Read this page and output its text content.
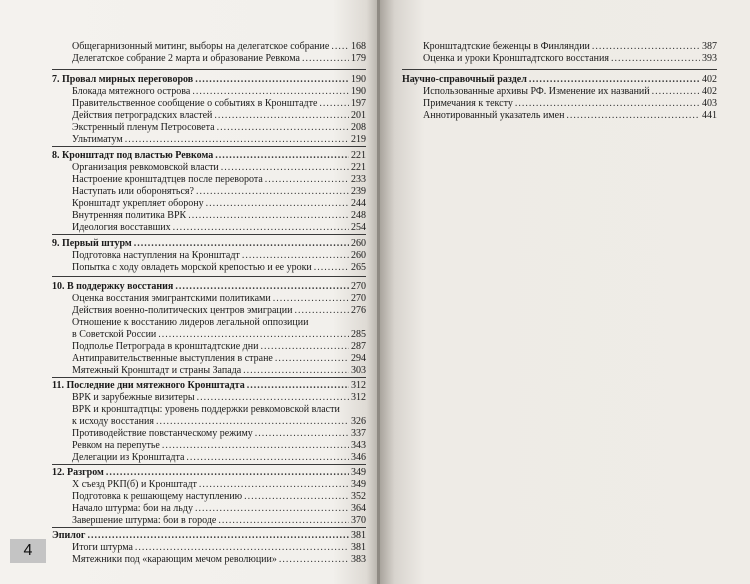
Общегарнизонный митинг, выборы на делегатское собрание ..... 168
Делегатское собрание 2 марта и образование Ревкома .....	179
7. Провал мирных переговоров .....	190
Блокада мятежного острова .....	190
Правительственное сообщение о событиях в Кронштадте .....	197
Действия петроградских властей .....	201
Экстренный пленум Петросовета .....	208
Ультиматум .....	219
8. Кронштадт под властью Ревкома .....	221
Организация ревкомовской власти .....	221
Настроение кронштадтцев после переворота .....	233
Наступать или обороняться? .....	239
Кронштадт укрепляет оборону .....	244
Внутренняя политика ВРК .....	248
Идеология восставших .....	254
9. Первый штурм .....	260
Подготовка наступления на Кронштадт .....	260
Попытка с ходу овладеть морской крепостью и ее уроки .....	265
10. В поддержку восстания .....	270
Оценка восстания эмигрантскими политиками .....	270
Действия военно-политических центров эмиграции .....	276
Отношение к восстанию лидеров легальной оппозиции
в Советской России .....	285
Подполье Петрограда в кронштадтские дни .....	287
Антиправительственные выступления в стране .....	294
Мятежный Кронштадт и страны Запада .....	303
11. Последние дни мятежного Кронштадта .....	312
ВРК и зарубежные визитеры .....	312
ВРК и кронштадтцы: уровень поддержки ревкомовской власти
к исходу восстания .....	326
Противодействие повстанческому режиму .....	337
Ревком на перепутье .....	343
Делегации из Кронштадта .....	346
12. Разгром .....	349
X съезд РКП(б) и Кронштадт .....	349
Подготовка к решающему наступлению .....	352
Начало штурма: бои на льду .....	364
Завершение штурма: бои в городе .....	370
Эпилог .....	381
Итоги штурма .....	381
Мятежники под «карающим мечом революции» .....	383
4
Кронштадтские беженцы в Финляндии .....	387
Оценка и уроки Кронштадтского восстания .....	393
Научно-справочный раздел .....	402
Использованные архивы РФ. Изменение их названий .....	402
Примечания к тексту .....	403
Аннотированный указатель имен .....	441
